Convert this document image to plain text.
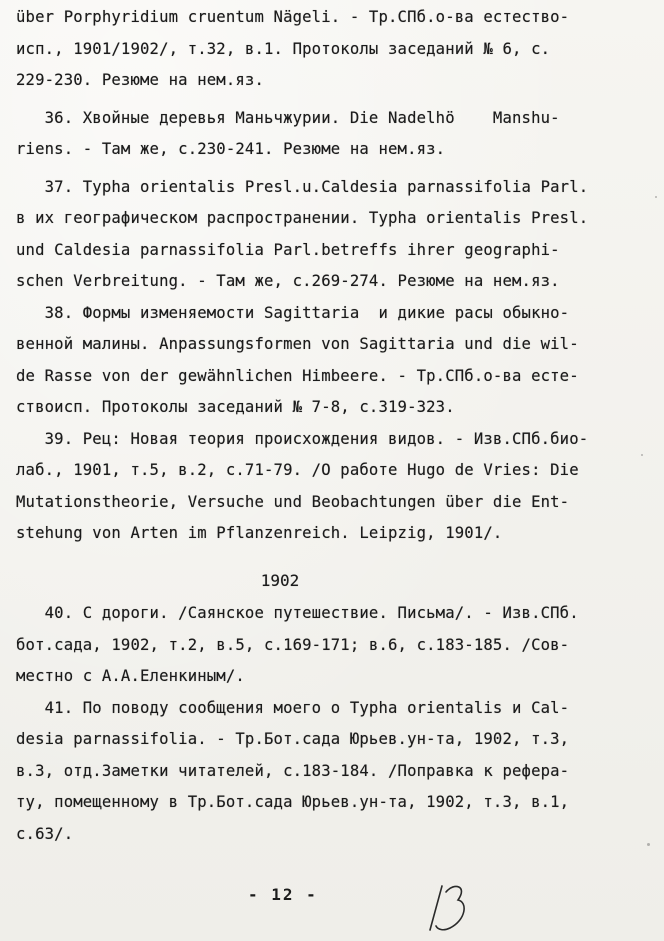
über Porphyridium cruentum Nägeli. - Тр.СПб.о-ва естество-
исп., 1901/1902/, т.32, в.1. Протоколы заседаний № 6, с.
229-230. Резюме на нем.яз.
36. Хвойные деревья Маньчжурии. Die Nadelhö    Manshu-
riens. - Там же, с.230-241. Резюме на нем.яз.
37. Typha orientalis Presl.u.Caldesia parnassifolia Parl.
в их географическом распространении. Typha orientalis Presl.
und Caldesia parnassifolia Parl.betreffs ihrer geographi-
schen Verbreitung. - Там же, с.269-274. Резюме на нем.яз.
38. Формы изменяемости Sagittaria  и дикие расы обыкно-
венной малины. Anpassungsformen von Sagittaria und die wil-
de Rasse von der gewähnlichen Himbeere. - Тр.СПб.о-ва есте-
ствоисп. Протоколы заседаний № 7-8, с.319-323.
39. Рец: Новая теория происхождения видов. - Изв.СПб.био-
лаб., 1901, т.5, в.2, с.71-79. /О работе Hugo de Vries: Die
Mutationstheorie, Versuche und Beobachtungen über die Ent-
stehung von Arten im Pflanzenreich. Leipzig, 1901/.
1902
40. С дороги. /Саянское путешествие. Письма/. - Изв.СПб.
бот.сада, 1902, т.2, в.5, с.169-171; в.6, с.183-185. /Сов-
местно с А.А.Еленкиным/.
41. По поводу сообщения моего о Typha orientalis и Cal-
desia parnassifolia. - Тр.Бот.сада Юрьев.ун-та, 1902, т.3,
в.3, отд.Заметки читателей, с.183-184. /Поправка к рефера-
ту, помещенному в Тр.Бот.сада Юрьев.ун-та, 1902, т.3, в.1,
с.63/.
- 12 -
